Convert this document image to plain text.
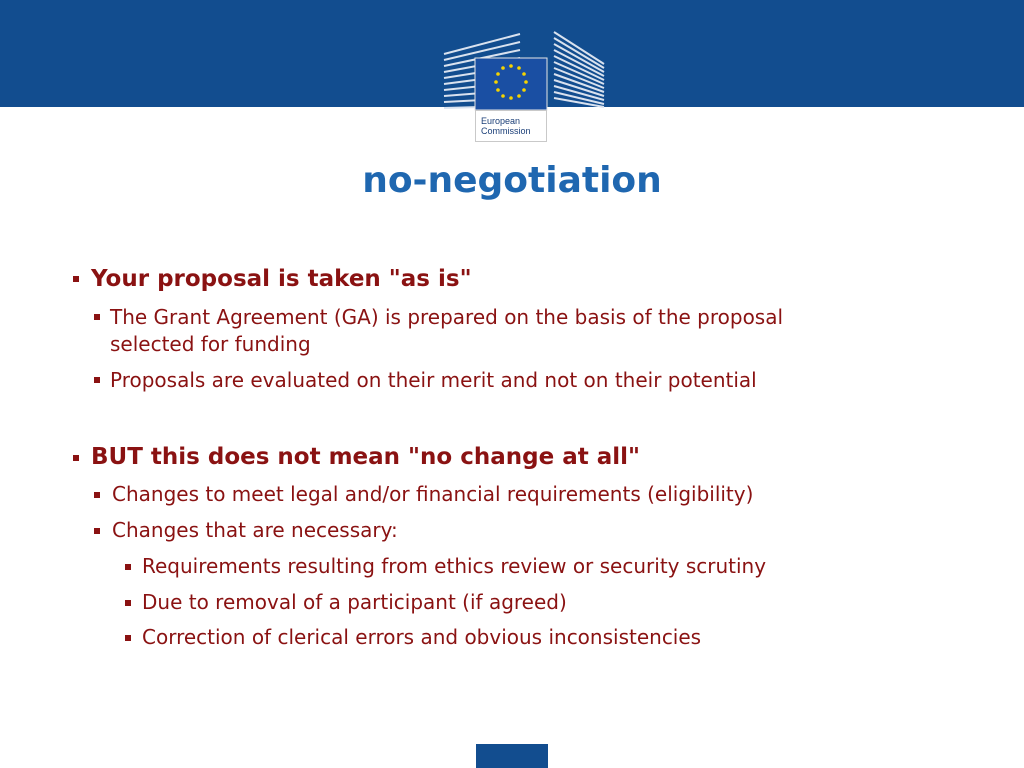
European
Commission
no-negotiation
Your proposal is taken "as is"
The Grant Agreement (GA) is prepared on the basis of the proposal
selected for funding
Proposals are evaluated on their merit and not on their potential
BUT this does not mean "no change at all"
Changes to meet legal and/or financial requirements (eligibility)
Changes that are necessary:
Requirements resulting from ethics review or security scrutiny
Due to removal of a participant (if agreed)
Correction of clerical errors and obvious inconsistencies
